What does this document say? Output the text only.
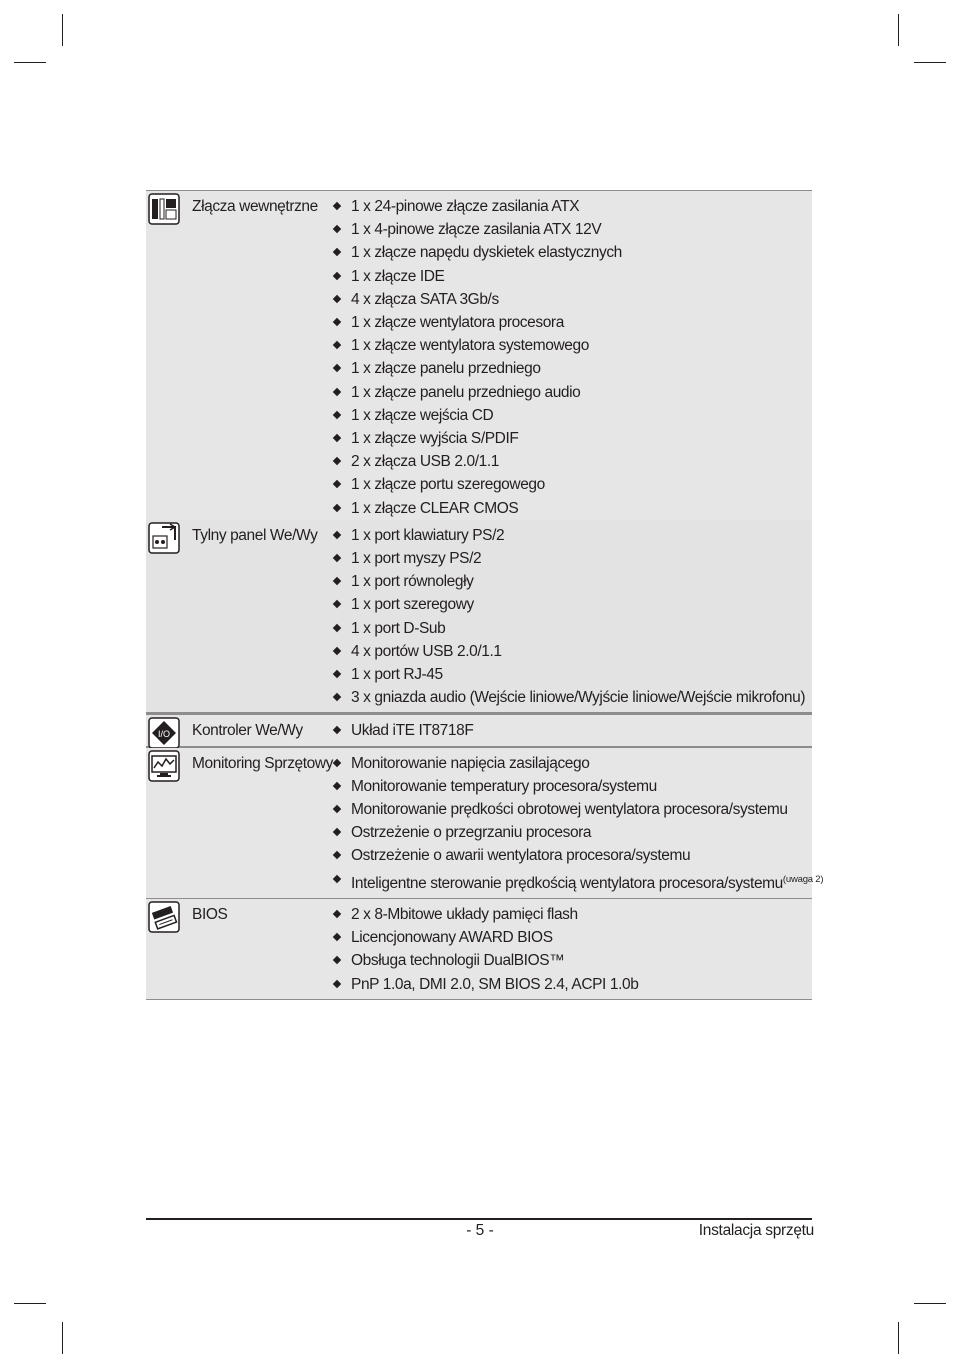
Złącza wewnętrzne	1 x 24-pinowe złącze zasilania ATX
1 x 4-pinowe złącze zasilania ATX 12V
1 x złącze napędu dyskietek elastycznych
1 x złącze IDE
4 x złącza SATA 3Gb/s
1 x złącze wentylatora procesora
1 x złącze wentylatora systemowego
1 x złącze panelu przedniego
1 x złącze panelu przedniego audio
1 x złącze wejścia CD
1 x złącze wyjścia S/PDIF
2 x złącza USB 2.0/1.1
1 x złącze portu szeregowego
1 x złącze CLEAR CMOS
Tylny panel We/Wy	1 x port klawiatury PS/2
1 x port myszy PS/2
1 x port równoległy
1 x port szeregowy
1 x port D-Sub
4 x portów USB 2.0/1.1
1 x port RJ-45
3 x gniazda audio (Wejście liniowe/Wyjście liniowe/Wejście mikrofonu)
I/O Kontroler We/Wy	Układ iTE IT8718F
Monitoring Sprzętowy	Monitorowanie napięcia zasilającego
Monitorowanie temperatury procesora/systemu
Monitorowanie prędkości obrotowej wentylatora procesora/systemu
Ostrzeżenie o przegrzaniu procesora
Ostrzeżenie o awarii wentylatora procesora/systemu
Inteligentne sterowanie prędkością wentylatora procesora/systemu$^{(uwaga 2)}$
BIOS	2 x 8-Mbitowe układy pamięci flash
Licencjonowany AWARD BIOS
Obsługa technologii DualBIOS™
PnP 1.0a, DMI 2.0, SM BIOS 2.4, ACPI 1.0b
- 5 -	Instalacja sprzętu
